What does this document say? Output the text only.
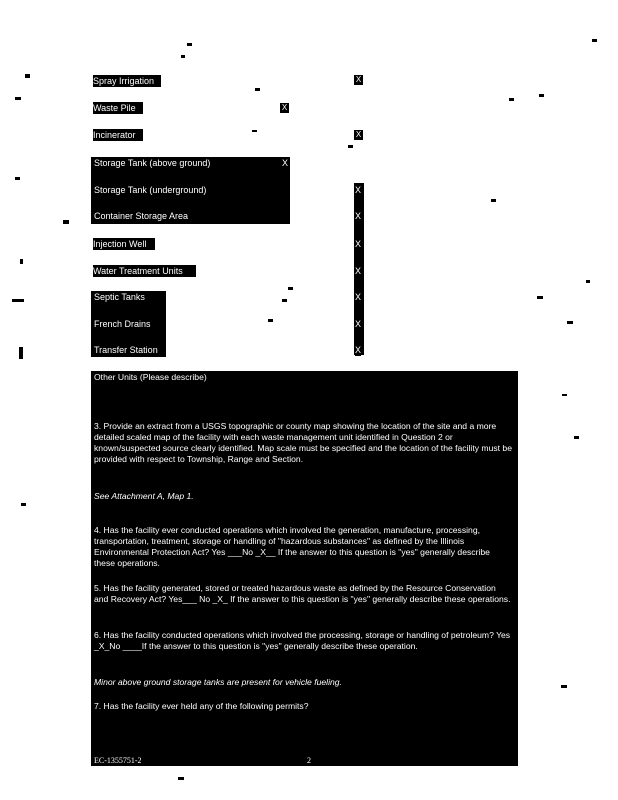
Spray Irrigation
Waste Pile
Incinerator
Storage Tank (above ground)
Storage Tank (underground)
Container Storage Area
Injection Well
Water Treatment Units
Septic Tanks
French Drains
Transfer Station
X
X
X
X
X
X
X
X
X
X
X

Other Units (Please describe)

3. Provide an extract from a USGS topographic or county map showing the location of the site and a more detailed scaled map of the facility with each waste management unit identified in Question 2 or known/suspected source clearly identified. Map scale must be specified and the location of the facility must be provided with respect to Township, Range and Section.

See Attachment A, Map 1.

4. Has the facility ever conducted operations which involved the generation, manufacture, processing, transportation, treatment, storage or handling of "hazardous substances" as defined by the Illinois Environmental Protection Act? Yes ___No _X__ If the answer to this question is "yes" generally describe these operations.

5. Has the facility generated, stored or treated hazardous waste as defined by the Resource Conservation and Recovery Act? Yes___ No _X_ If the answer to this question is "yes" generally describe these operations.

6. Has the facility conducted operations which involved the processing, storage or handling of petroleum? Yes _X_No ____If the answer to this question is "yes" generally describe these operation.

Minor above ground storage tanks are present for vehicle fueling.

7. Has the facility ever held any of the following permits?

EC-1355751-2	2
